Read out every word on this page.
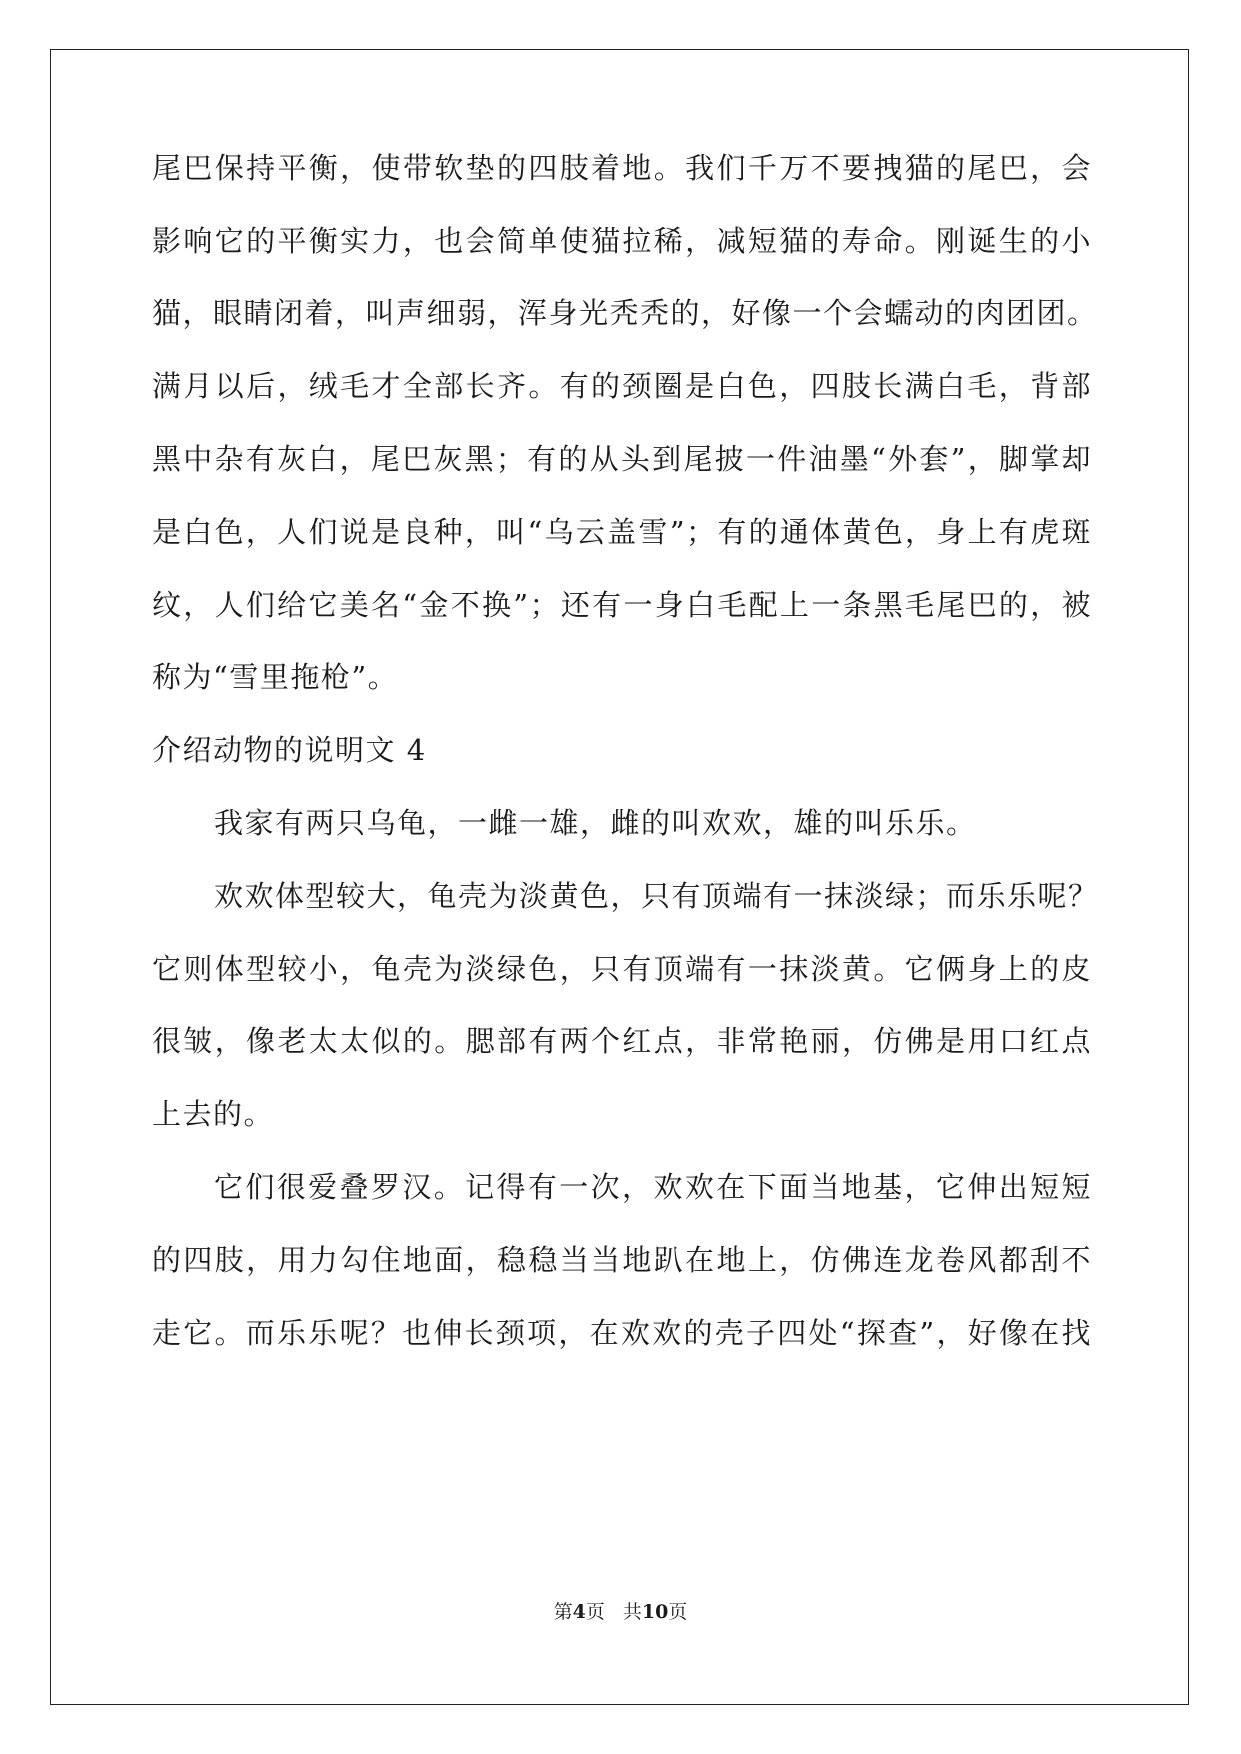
尾巴保持平衡，使带软垫的四肢着地。我们千万不要拽猫的尾巴，会
影响它的平衡实力，也会简单使猫拉稀，减短猫的寿命。刚诞生的小
猫，眼睛闭着，叫声细弱，浑身光秃秃的，好像一个会蠕动的肉团团。
满月以后，绒毛才全部长齐。有的颈圈是白色，四肢长满白毛，背部
黑中杂有灰白，尾巴灰黑；有的从头到尾披一件油墨“外套”，脚掌却
是白色，人们说是良种，叫“乌云盖雪”；有的通体黄色，身上有虎斑
纹，人们给它美名“金不换”；还有一身白毛配上一条黑毛尾巴的，被
称为“雪里拖枪”。
介绍动物的说明文 4
我家有两只乌龟，一雌一雄，雌的叫欢欢，雄的叫乐乐。
欢欢体型较大，龟壳为淡黄色，只有顶端有一抹淡绿；而乐乐呢？
它则体型较小，龟壳为淡绿色，只有顶端有一抹淡黄。它俩身上的皮
很皱，像老太太似的。腮部有两个红点，非常艳丽，仿佛是用口红点
上去的。
它们很爱叠罗汉。记得有一次，欢欢在下面当地基，它伸出短短
的四肢，用力勾住地面，稳稳当当地趴在地上，仿佛连龙卷风都刮不
走它。而乐乐呢？也伸长颈项，在欢欢的壳子四处“探查”，好像在找
第4页 共10页
